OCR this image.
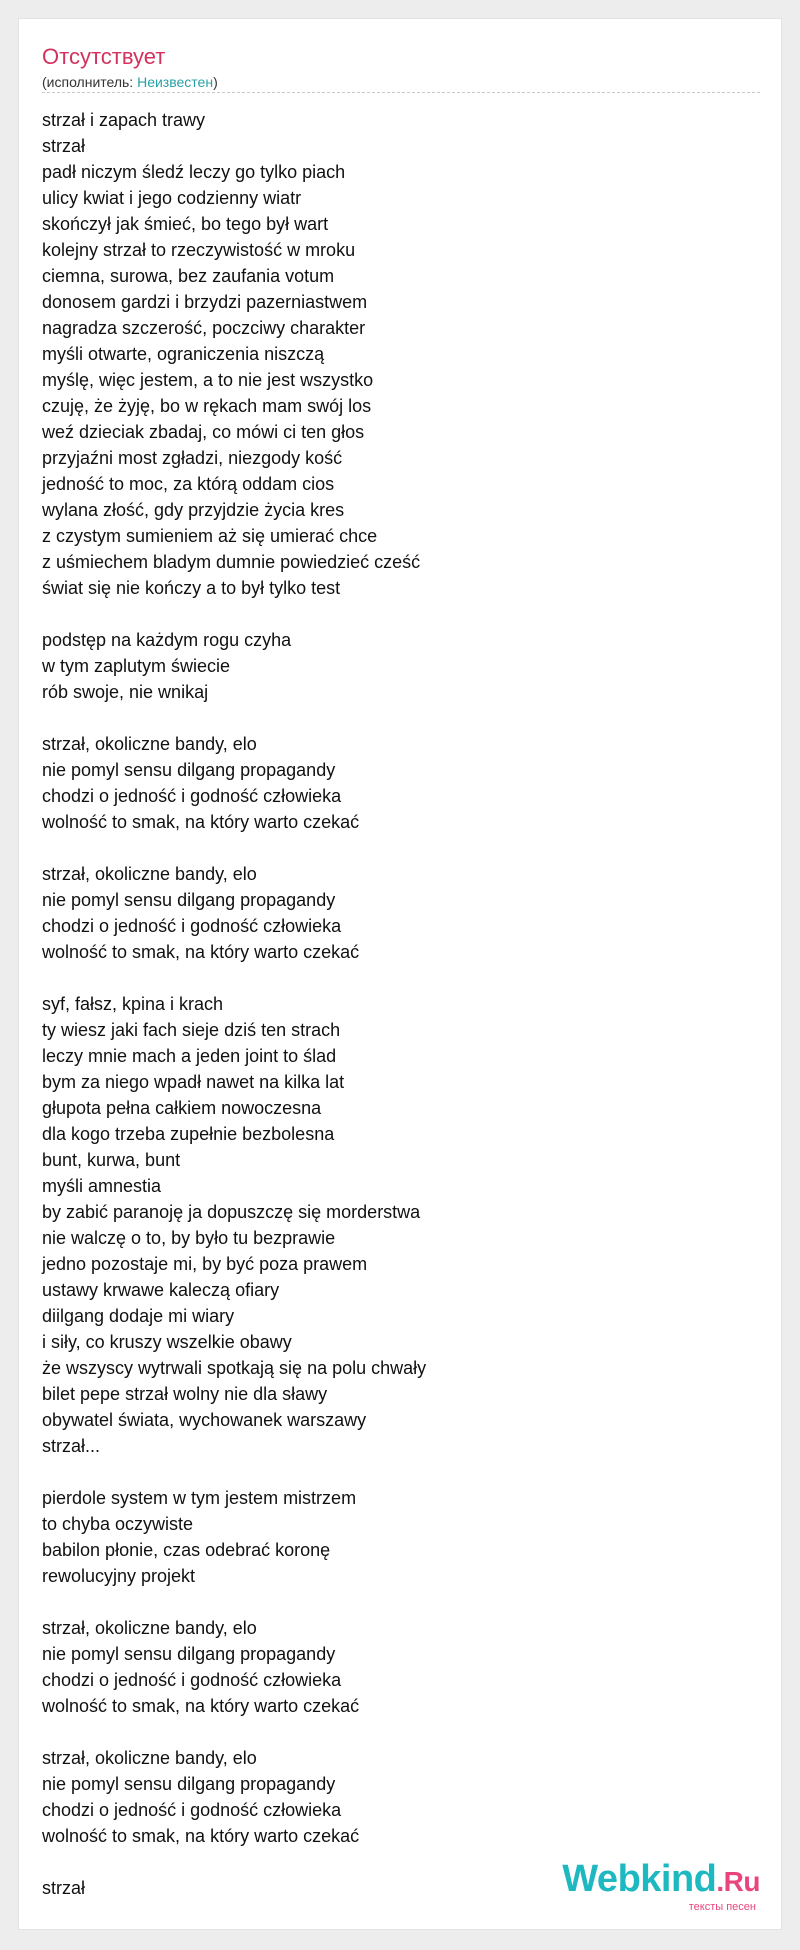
Отсутствует
(исполнитель: Неизвестен)
strzał i zapach trawy
strzał
padł niczym śledź leczy go tylko piach
ulicy kwiat i jego codzienny wiatr
skończył jak śmieć, bo tego był wart
kolejny strzał to rzeczywistość w mroku
ciemna, surowa, bez zaufania votum
donosem gardzi i brzydzi pazerniastwem
nagradza szczerość, poczciwy charakter
myśli otwarte, ograniczenia niszczą
myślę, więc jestem, a to nie jest wszystko
czuję, że żyję, bo w rękach mam swój los
weź dzieciak zbadaj, co mówi ci ten głos
przyjaźni most zgładzi, niezgody kość
jedność to moc, za którą oddam cios
wylana złość, gdy przyjdzie życia kres
z czystym sumieniem aż się umierać chce
z uśmiechem bladym dumnie powiedzieć cześć
świat się nie kończy a to był tylko test
podstęp na każdym rogu czyha
w tym zaplutym świecie
rób swoje, nie wnikaj
strzał, okoliczne bandy, elo
nie pomyl sensu dilgang propagandy
chodzi o jedność i godność człowieka
wolność to smak, na który warto czekać
strzał, okoliczne bandy, elo
nie pomyl sensu dilgang propagandy
chodzi o jedność i godność człowieka
wolność to smak, na który warto czekać
syf, fałsz, kpina i krach
ty wiesz jaki fach sieje dziś ten strach
leczy mnie mach a jeden joint to ślad
bym za niego wpadł nawet na kilka lat
głupota pełna całkiem nowoczesna
dla kogo trzeba zupełnie bezbolesna
bunt, kurwa, bunt
myśli amnestia
by zabić paranoję ja dopuszczę się morderstwa
nie walczę o to, by było tu bezprawie
jedno pozostaje mi, by być poza prawem
ustawy krwawe kaleczą ofiary
diilgang dodaje mi wiary
i siły, co kruszy wszelkie obawy
że wszyscy wytrwali spotkają się na polu chwały
bilet pepe strzał wolny nie dla sławy
obywatel świata, wychowanek warszawy
strzał...
pierdole system w tym jestem mistrzem
to chyba oczywiste
babilon płonie, czas odebrać koronę
rewolucyjny projekt
strzał, okoliczne bandy, elo
nie pomyl sensu dilgang propagandy
chodzi o jedność i godność człowieka
wolność to smak, na który warto czekać
strzał, okoliczne bandy, elo
nie pomyl sensu dilgang propagandy
chodzi o jedność i godność człowieka
wolność to smak, na który warto czekać
strzał	Webkind.Ru
тексты песен
